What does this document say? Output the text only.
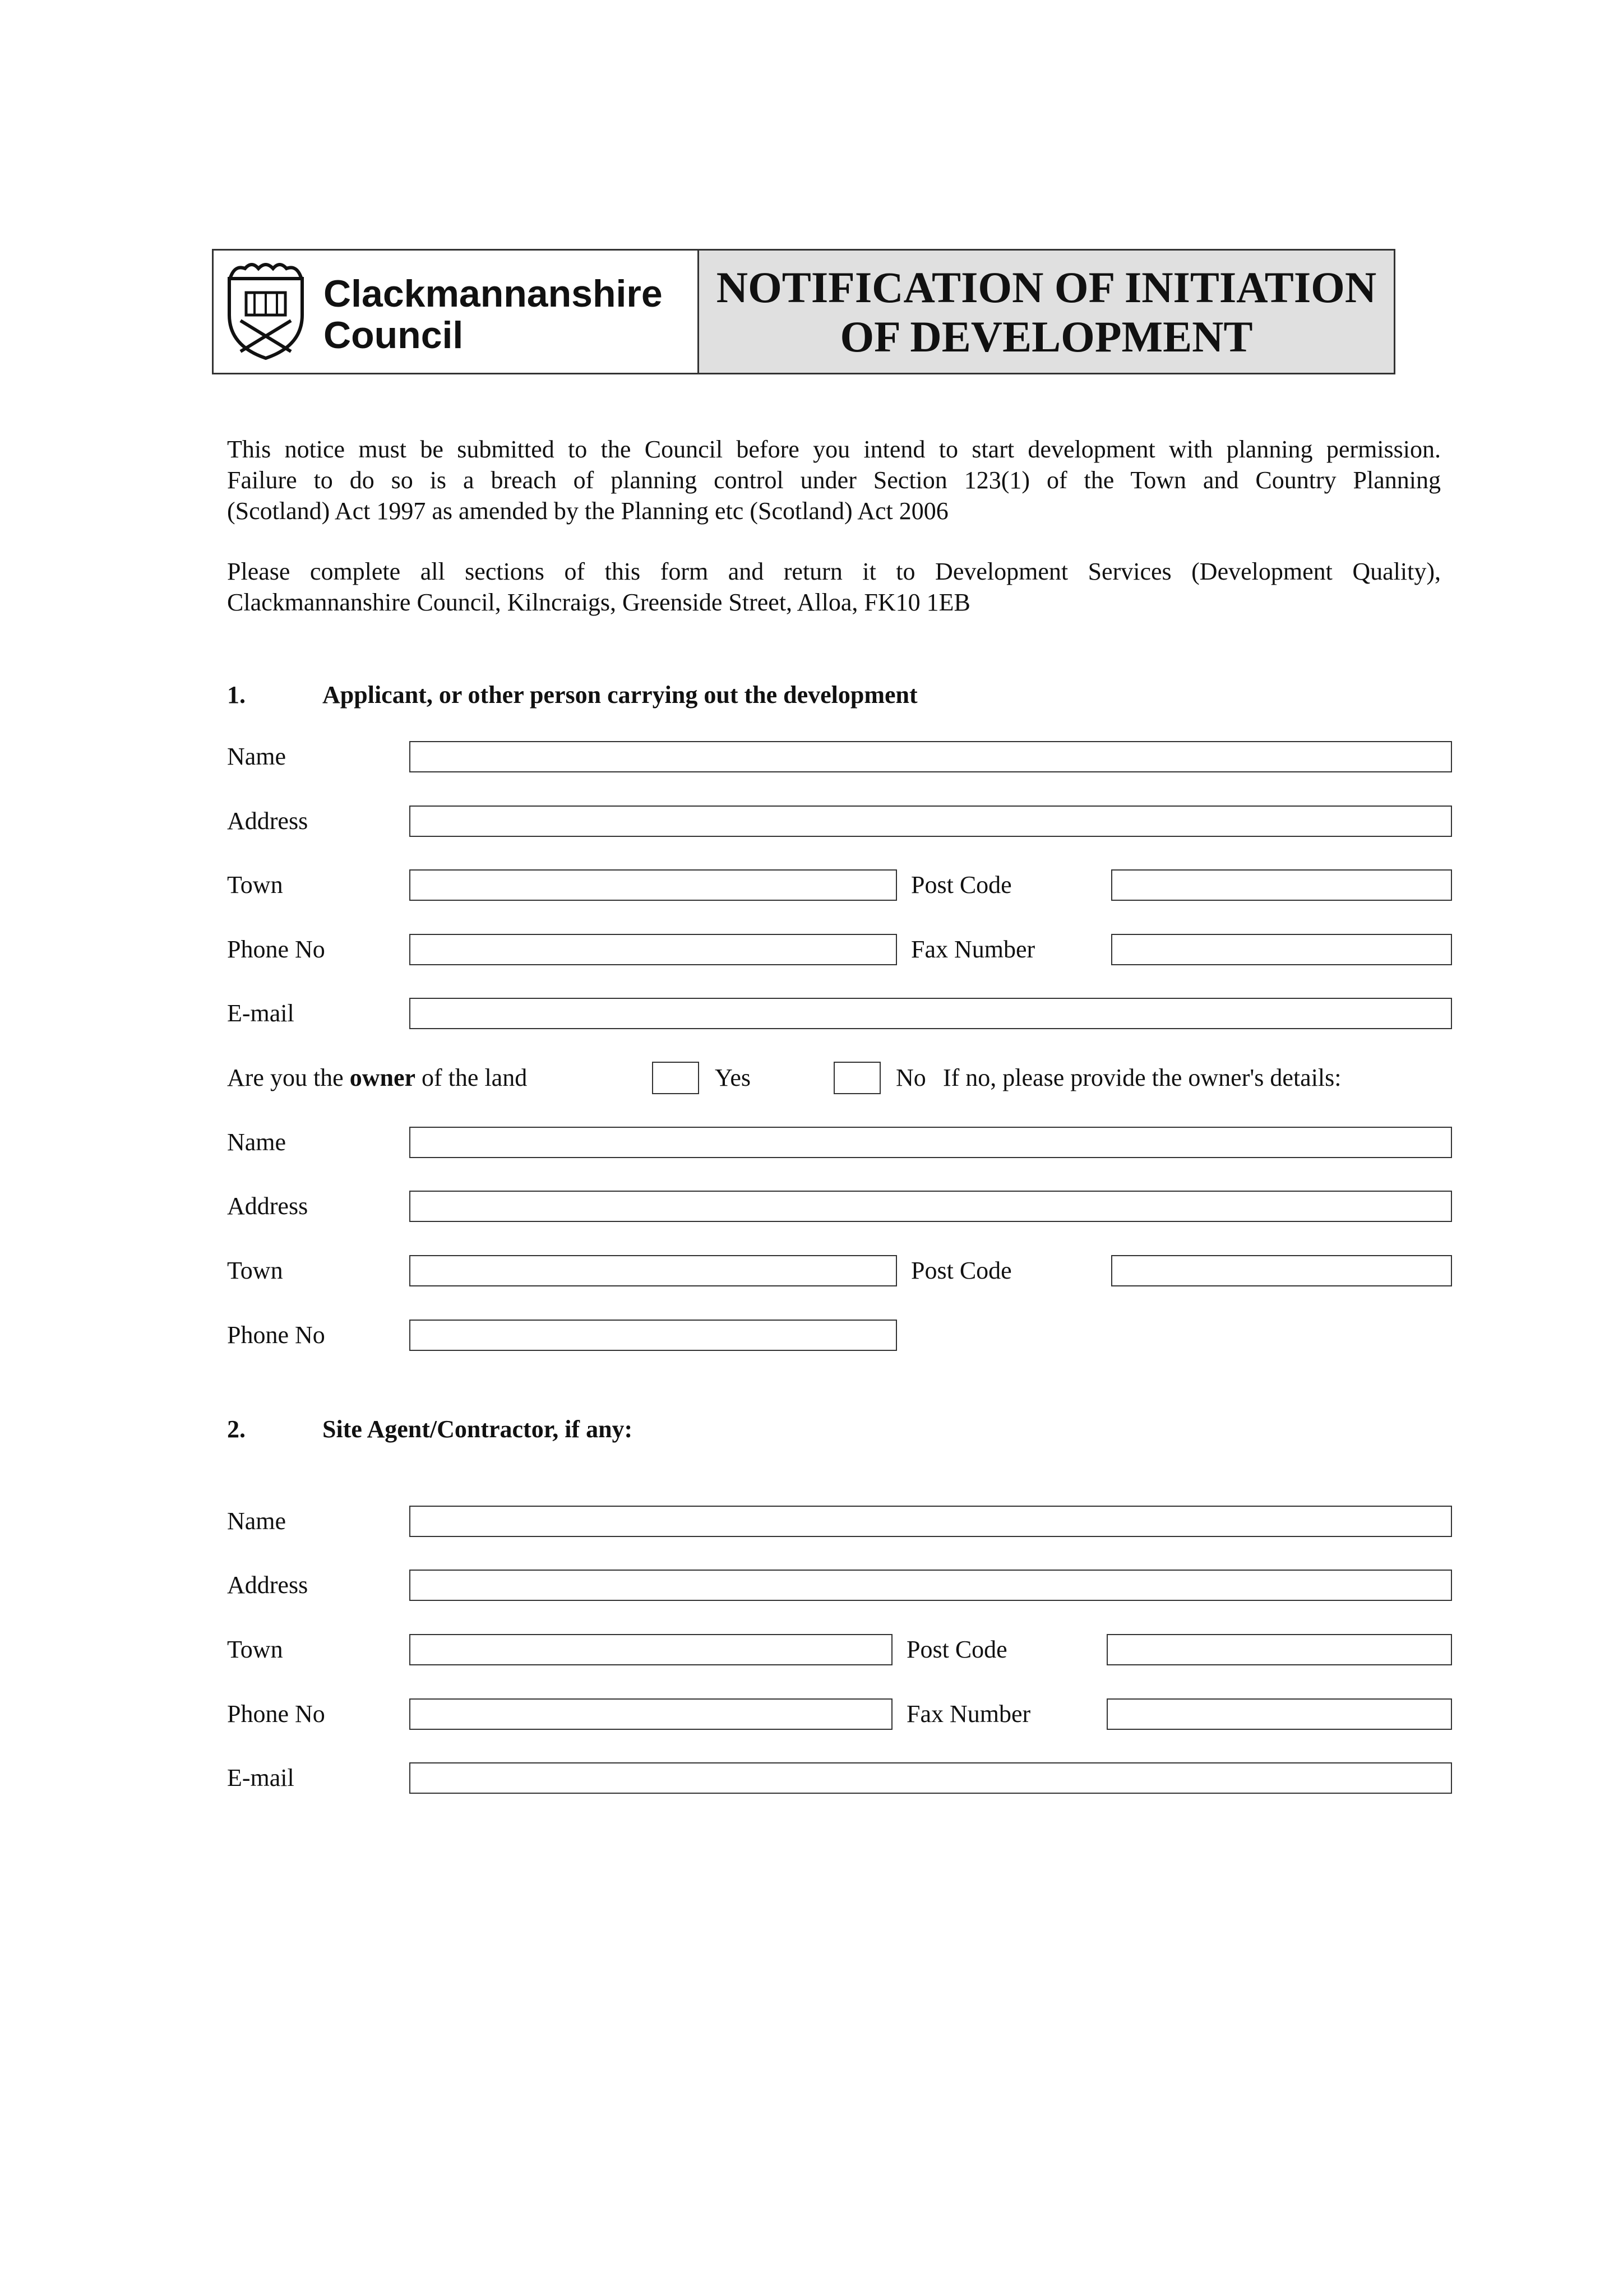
Clackmannanshire
Council
NOTIFICATION OF INITIATION
OF DEVELOPMENT
This notice must be submitted to the Council before you intend to start development with planning permission.
Failure to do so is a breach of planning control under Section 123(1) of the Town and Country Planning
(Scotland) Act 1997 as amended by the Planning etc (Scotland) Act 2006
Please complete all sections of this form and return it to Development Services (Development Quality),
Clackmannanshire Council, Kilncraigs, Greenside Street, Alloa, FK10 1EB
1.	Applicant, or other person carrying out the development
Name
Address
Town	Post Code
Phone No	Fax Number
E-mail
Are you the owner of the land	Yes	No If no, please provide the owner's details:
Name
Address
Town	Post Code
Phone No
2.	Site Agent/Contractor, if any:
Name
Address
Town	Post Code
Phone No	Fax Number
E-mail
